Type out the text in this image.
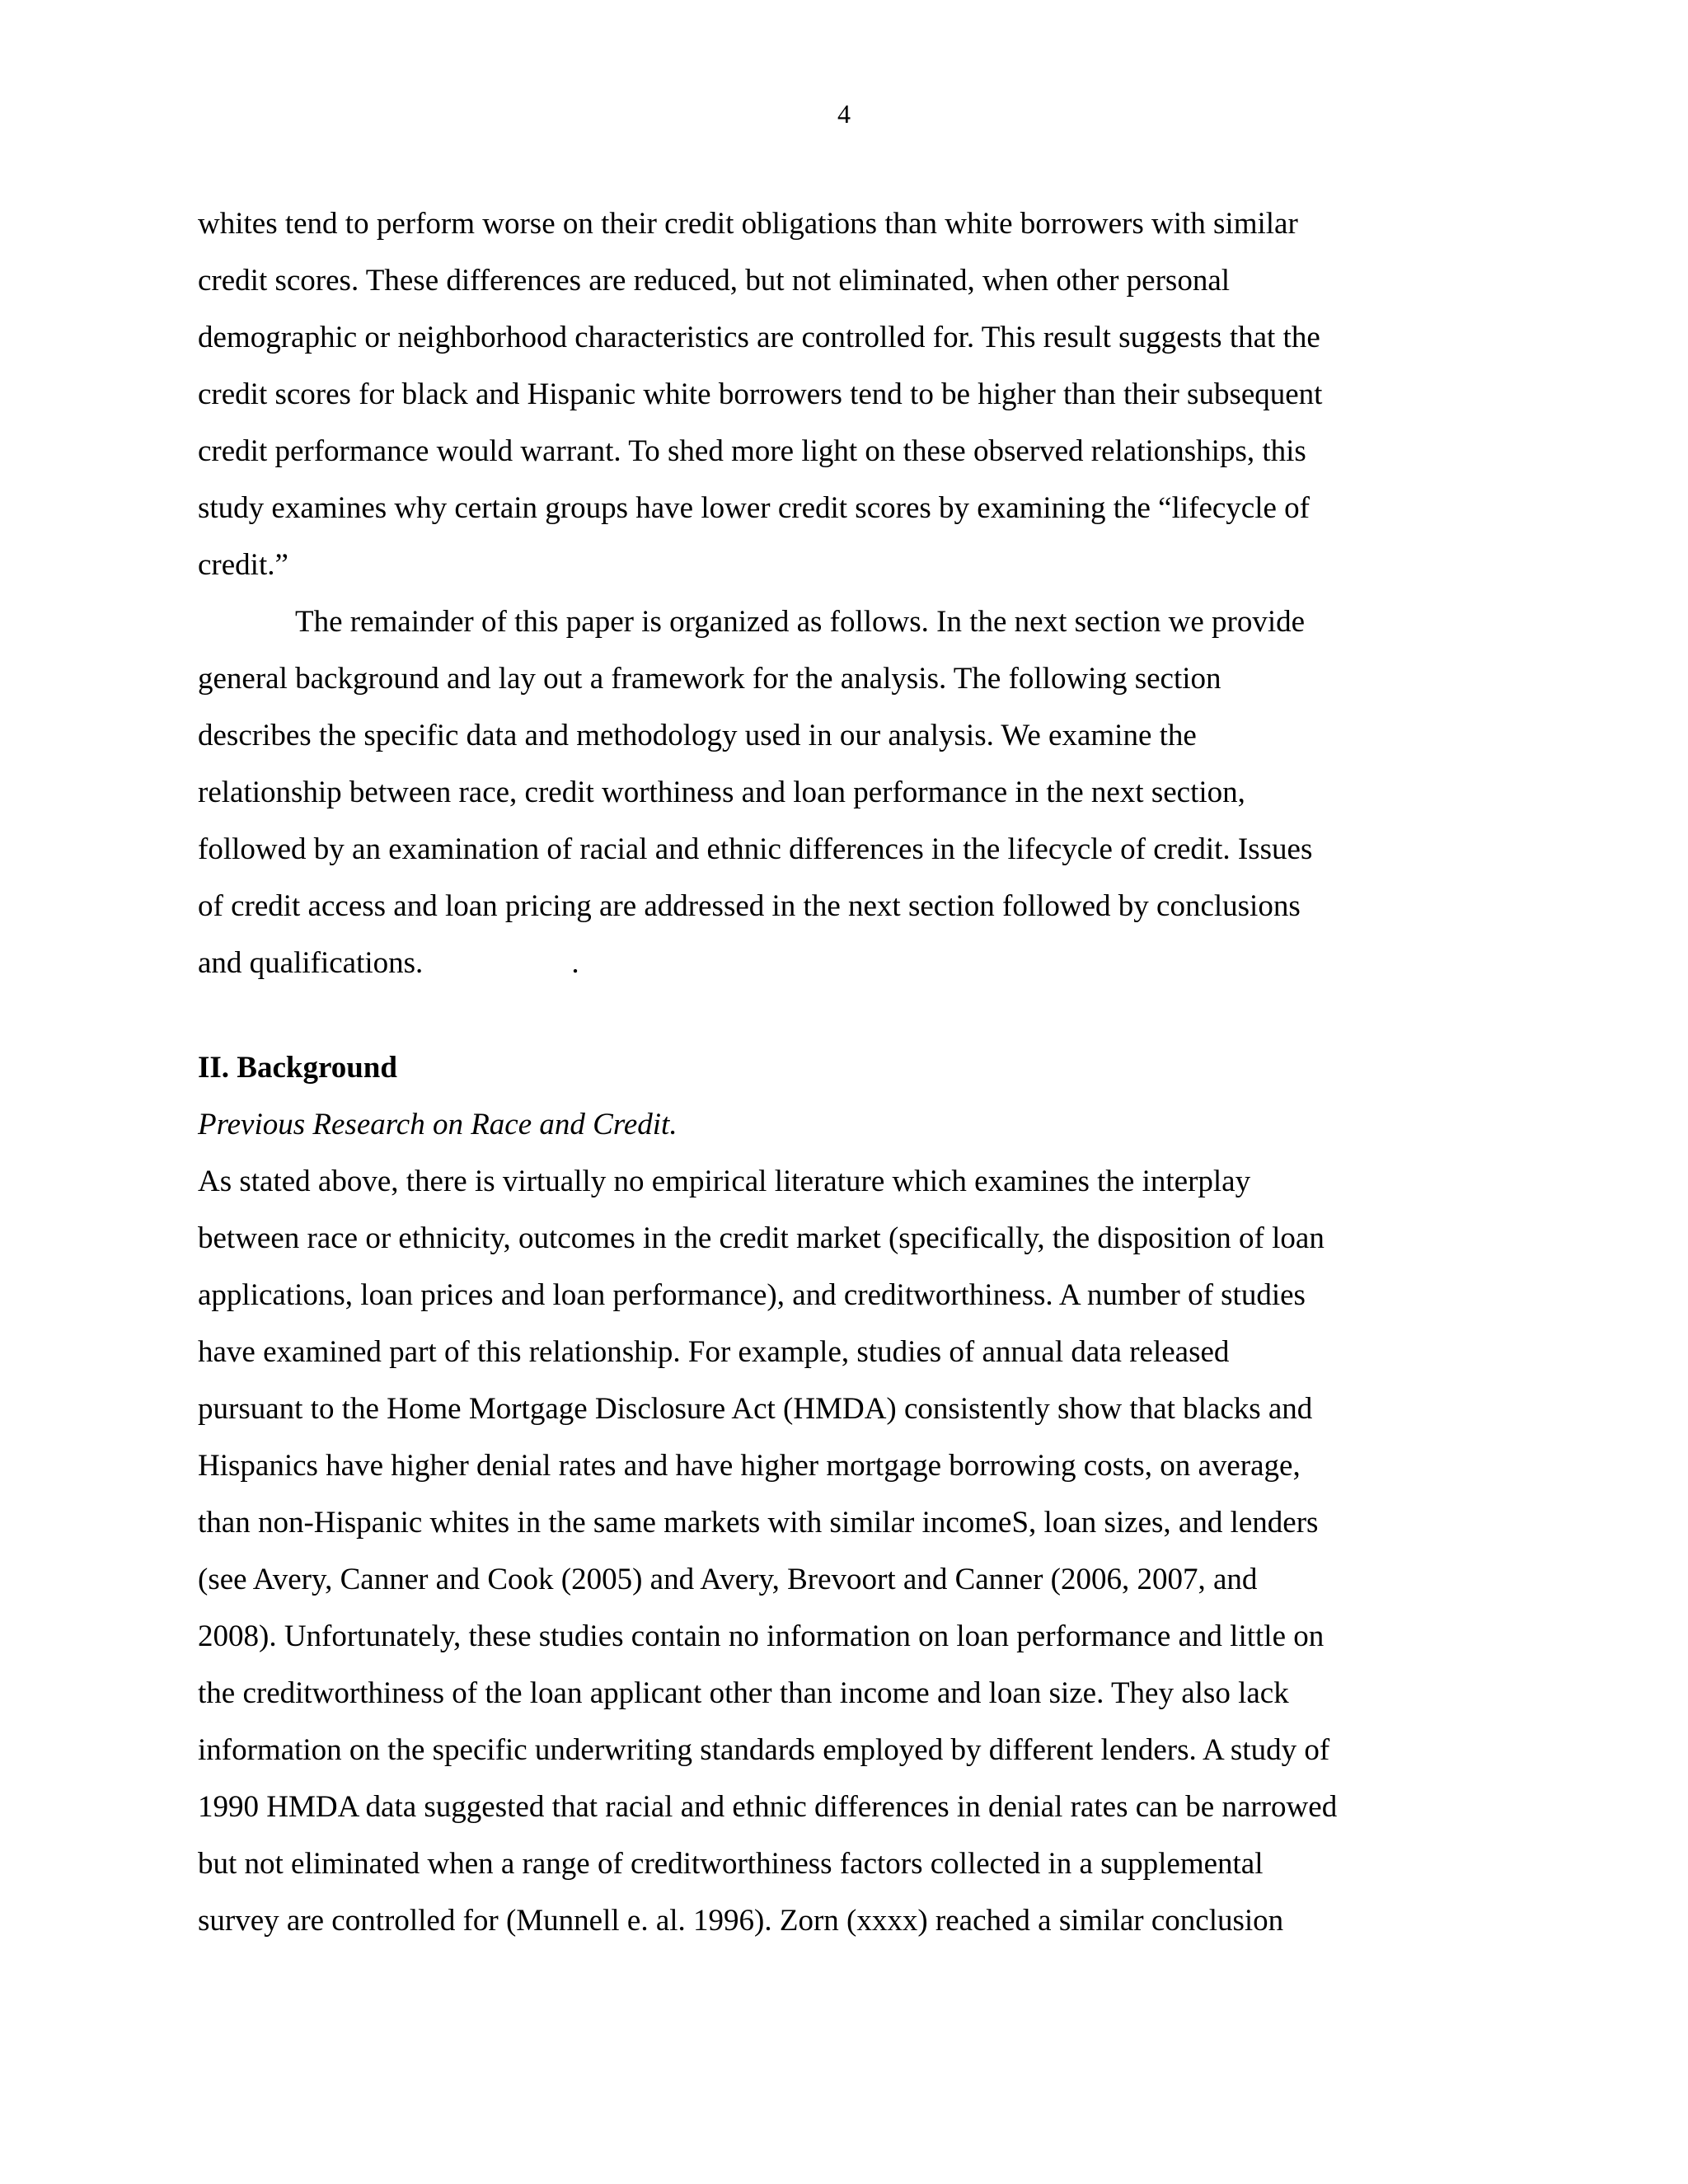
4
whites tend to perform worse on their credit obligations than white borrowers with similar
credit scores. These differences are reduced, but not eliminated, when other personal
demographic or neighborhood characteristics are controlled for. This result suggests that the
credit scores for black and Hispanic white borrowers tend to be higher than their subsequent
credit performance would warrant. To shed more light on these observed relationships, this
study examines why certain groups have lower credit scores by examining the “lifecycle of
credit.”
The remainder of this paper is organized as follows. In the next section we provide
general background and lay out a framework for the analysis. The following section
describes the specific data and methodology used in our analysis. We examine the
relationship between race, credit worthiness and loan performance in the next section,
followed by an examination of racial and ethnic differences in the lifecycle of credit. Issues
of credit access and loan pricing are addressed in the next section followed by conclusions
and qualifications.	.
II. Background
Previous Research on Race and Credit.
As stated above, there is virtually no empirical literature which examines the interplay
between race or ethnicity, outcomes in the credit market (specifically, the disposition of loan
applications, loan prices and loan performance), and creditworthiness. A number of studies
have examined part of this relationship. For example, studies of annual data released
pursuant to the Home Mortgage Disclosure Act (HMDA) consistently show that blacks and
Hispanics have higher denial rates and have higher mortgage borrowing costs, on average,
than non-Hispanic whites in the same markets with similar incomeS, loan sizes, and lenders
(see Avery, Canner and Cook (2005) and Avery, Brevoort and Canner (2006, 2007, and
2008). Unfortunately, these studies contain no information on loan performance and little on
the creditworthiness of the loan applicant other than income and loan size. They also lack
information on the specific underwriting standards employed by different lenders. A study of
1990 HMDA data suggested that racial and ethnic differences in denial rates can be narrowed
but not eliminated when a range of creditworthiness factors collected in a supplemental
survey are controlled for (Munnell e. al. 1996). Zorn (xxxx) reached a similar conclusion
